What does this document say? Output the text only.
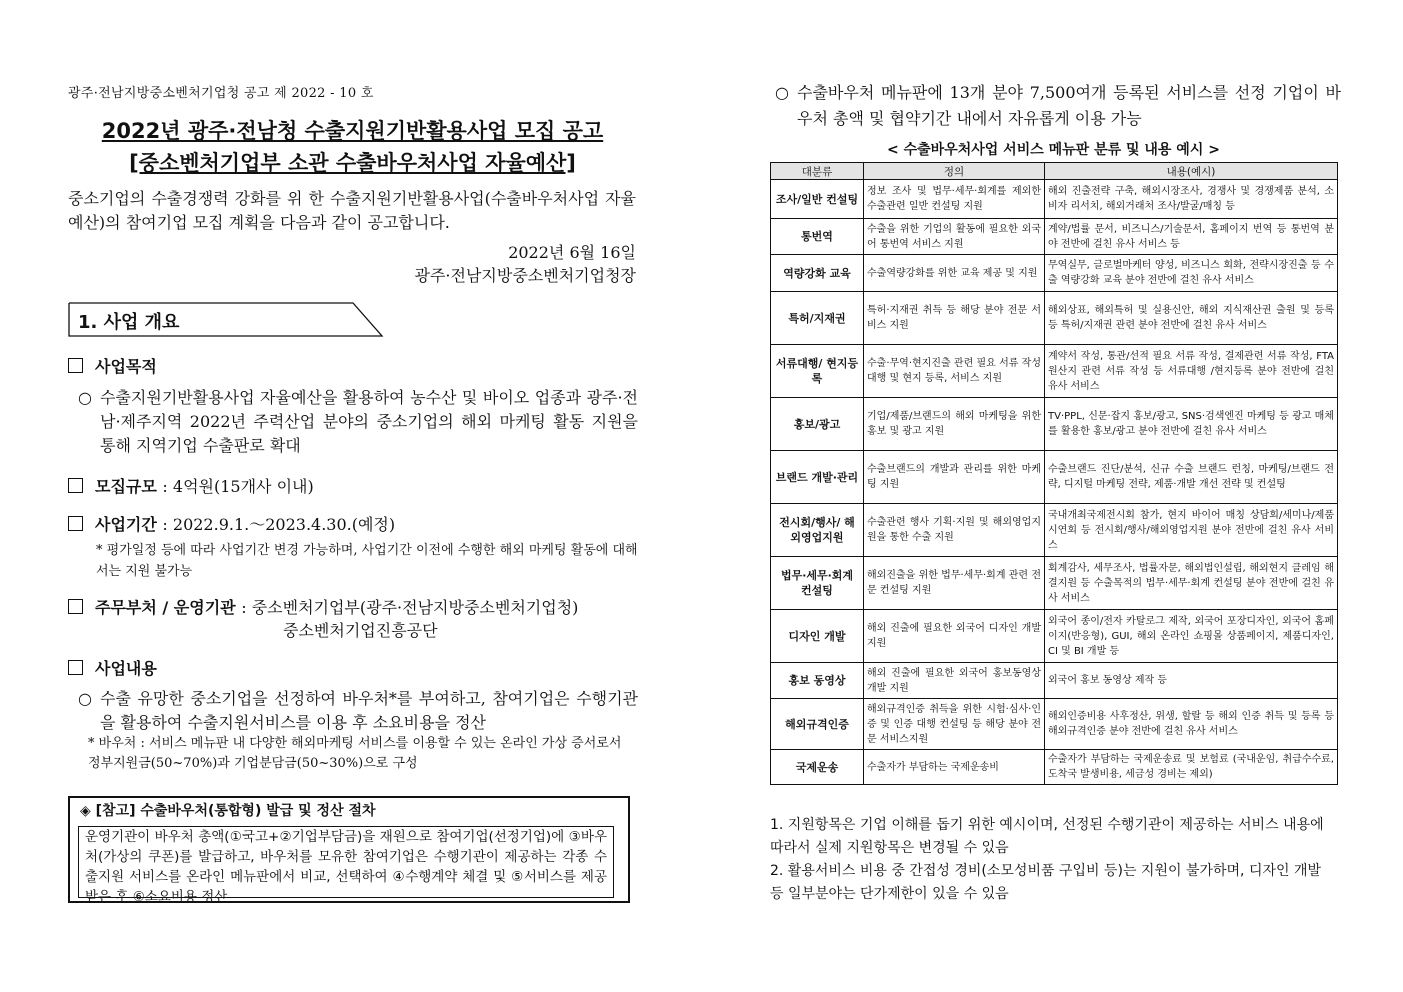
광주·전남지방중소벤처기업청 공고 제 2022 - 10 호
2022년 광주·전남청 수출지원기반활용사업 모집 공고
[중소벤처기업부 소관 수출바우처사업 자율예산]
중소기업의 수출경쟁력 강화를 위 한 수출지원기반활용사업(수출바우처사업 자율예산)의 참여기업 모집 계획을 다음과 같이 공고합니다.
2022년 6월 16일
광주·전남지방중소벤처기업청장
1. 사업 개요
사업목적
○ 수출지원기반활용사업 자율예산을 활용하여 농수산 및 바이오 업종과 광주·전남·제주지역 2022년 주력산업 분야의 중소기업의 해외 마케팅 활동 지원을 통해 지역기업 수출판로 확대
모집규모 : 4억원(15개사 이내)
사업기간 : 2022.9.1.～2023.4.30.(예정)
* 평가일정 등에 따라 사업기간 변경 가능하며, 사업기간 이전에 수행한 해외 마케팅 활동에 대해서는 지원 불가능
주무부처 / 운영기관 : 중소벤처기업부(광주·전남지방중소벤처기업청)
중소벤처기업진흥공단
사업내용
○ 수출 유망한 중소기업을 선정하여 바우처*를 부여하고, 참여기업은 수행기관을 활용하여 수출지원서비스를 이용 후 소요비용을 정산
* 바우처 : 서비스 메뉴판 내 다양한 해외마케팅 서비스를 이용할 수 있는 온라인 가상 증서로서 정부지원금(50~70%)과 기업분담금(50~30%)으로 구성
◈ [참고] 수출바우처(통합형) 발급 및 정산 절차
운영기관이 바우처 총액(①국고+②기업부담금)을 재원으로 참여기업(선정기업)에 ③바우처(가상의 쿠폰)를 발급하고, 바우처를 모유한 참여기업은 수행기관이 제공하는 각종 수출지원 서비스를 온라인 메뉴판에서 비교, 선택하여 ④수행계약 체결 및 ⑤서비스를 제공받은 후 ⑥소요비용 정산
○ 수출바우처 메뉴판에 13개 분야 7,500여개 등록된 서비스를 선정 기업이 바우처 총액 및 협약기간 내에서 자유롭게 이용 가능
< 수출바우처사업 서비스 메뉴판 분류 및 내용 예시 >
대분류	정의	내용(예시)
조사/일반 컨설팅	정보 조사 및 법무·세무·회계를 제외한 수출관련 일반 컨설팅 지원	해외 진출전략 구축, 해외시장조사, 경쟁사 및 경쟁제품 분석, 소비자 리서치, 해외거래처 조사/발굴/매칭 등
통번역	수출을 위한 기업의 활동에 필요한 외국어 통번역 서비스 지원	계약/법률 문서, 비즈니스/기술문서, 홈페이지 번역 등 통번역 분야 전반에 걸친 유사 서비스 등
역량강화 교육	수출역량강화를 위한 교육 제공 및 지원	무역실무, 글로벌마케터 양성, 비즈니스 회화, 전략시장진출 등 수출 역량강화 교육 분야 전반에 걸친 유사 서비스
특허/지재권	특허·지재권 취득 등 해당 분야 전문 서비스 지원	해외상표, 해외특허 및 실용신안, 해외 지식재산권 출원 및 등록 등 특허/지재권 관련 분야 전반에 걸친 유사 서비스
서류대행/ 현지등록	수출·무역·현지진출 관련 필요 서류 작성 대행 및 현지 등록, 서비스 지원	계약서 작성, 통관/선적 필요 서류 작성, 결제관련 서류 작성, FTA원산지 관련 서류 작성 등 서류대행 /현지등록 분야 전반에 걸친 유사 서비스
홍보/광고	기업/제품/브랜드의 해외 마케팅을 위한 홍보 및 광고 지원	TV·PPL, 신문·잡지 홍보/광고, SNS·검색엔진 마케팅 등 광고 매체를 활용한 홍보/광고 분야 전반에 걸친 유사 서비스
브랜드 개발·관리	수출브랜드의 개발과 관리를 위한 마케팅 지원	수출브랜드 진단/분석, 신규 수출 브랜드 런칭, 마케팅/브랜드 전략, 디지털 마케팅 전략, 제품·개발 개선 전략 및 컨설팅
전시회/행사/ 해외영업지원	수출관련 행사 기획·지원 및 해외영업지원을 통한 수출 지원	국내개최국제전시회 참가, 현지 바이어 매칭 상담회/세미나/제품시연회 등 전시회/행사/해외영업지원 분야 전반에 걸친 유사 서비스
법무·세무·회계 컨설팅	해외진출을 위한 법무·세무·회계 관련 전문 컨설팅 지원	회계감사, 세무조사, 법률자문, 해외법인설립, 해외현지 클레임 해결지원 등 수출목적의 법무·세무·회계 컨설팅 분야 전반에 걸친 유사 서비스
디자인 개발	해외 진출에 필요한 외국어 디자인 개발 지원	외국어 종이/전자 카탈로그 제작, 외국어 포장디자인, 외국어 홈페이지(반응형), GUI, 해외 온라인 쇼핑몰 상품페이지, 제품디자인, CI 및 BI 개발 등
홍보 동영상	해외 진출에 필요한 외국어 홍보동영상 개발 지원	외국어 홍보 동영상 제작 등
해외규격인증	해외규격인증 취득을 위한 시험·심사·인증 및 인증 대행 컨설팅 등 해당 분야 전문 서비스지원	해외인증비용 사후정산, 위생, 할랄 등 해외 인증 취득 및 등록 등 해외규격인증 분야 전반에 걸친 유사 서비스
국제운송	수출자가 부담하는 국제운송비	수출자가 부담하는 국제운송료 및 보험료 (국내운임, 취급수수료, 도착국 발생비용, 세금성 경비는 제외)
1. 지원항목은 기업 이해를 돕기 위한 예시이며, 선정된 수행기관이 제공하는 서비스 내용에 따라서 실제 지원항목은 변경될 수 있음
2. 활용서비스 비용 중 간접성 경비(소모성비품 구입비 등)는 지원이 불가하며, 디자인 개발 등 일부분야는 단가제한이 있을 수 있음
